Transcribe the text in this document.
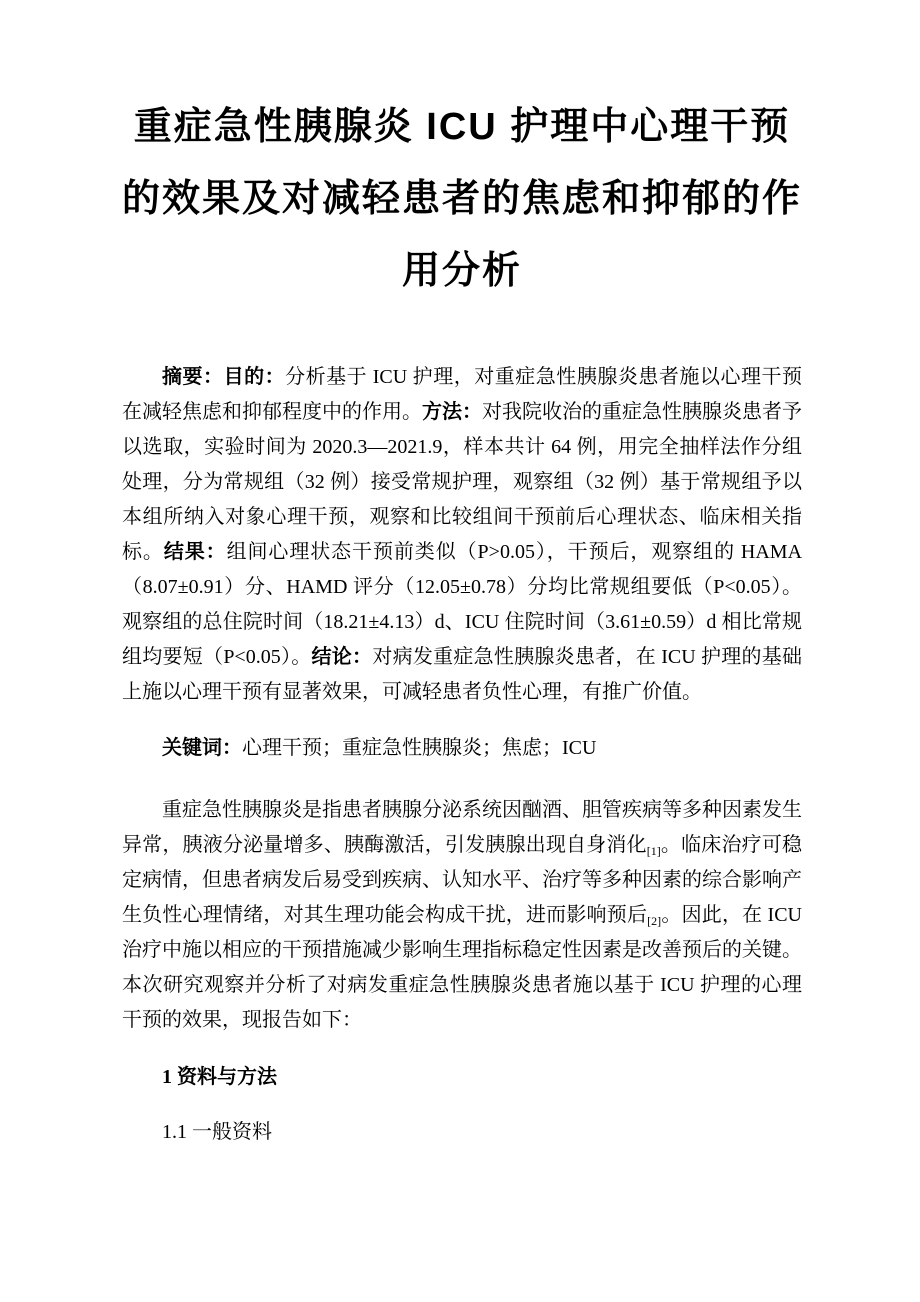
重症急性胰腺炎 ICU 护理中心理干预
的效果及对减轻患者的焦虑和抑郁的作
用分析

摘要：目的：分析基于 ICU 护理，对重症急性胰腺炎患者施以心理干预在减轻焦虑和抑郁程度中的作用。方法：对我院收治的重症急性胰腺炎患者予以选取，实验时间为 2020.3—2021.9，样本共计 64 例，用完全抽样法作分组处理，分为常规组（32 例）接受常规护理，观察组（32 例）基于常规组予以本组所纳入对象心理干预，观察和比较组间干预前后心理状态、临床相关指标。结果：组间心理状态干预前类似（P>0.05），干预后，观察组的 HAMA（8.07±0.91）分、HAMD 评分（12.05±0.78）分均比常规组要低（P<0.05）。观察组的总住院时间（18.21±4.13）d、ICU 住院时间（3.61±0.59）d 相比常规组均要短（P<0.05）。结论：对病发重症急性胰腺炎患者，在 ICU 护理的基础上施以心理干预有显著效果，可减轻患者负性心理，有推广价值。

关键词：心理干预；重症急性胰腺炎；焦虑；ICU

重症急性胰腺炎是指患者胰腺分泌系统因酗酒、胆管疾病等多种因素发生异常，胰液分泌量增多、胰酶激活，引发胰腺出现自身消化$_{[1]}$。临床治疗可稳定病情，但患者病发后易受到疾病、认知水平、治疗等多种因素的综合影响产生负性心理情绪，对其生理功能会构成干扰，进而影响预后$_{[2]}$。因此，在 ICU 治疗中施以相应的干预措施减少影响生理指标稳定性因素是改善预后的关键。本次研究观察并分析了对病发重症急性胰腺炎患者施以基于 ICU 护理的心理干预的效果，现报告如下：

1 资料与方法

1.1 一般资料
